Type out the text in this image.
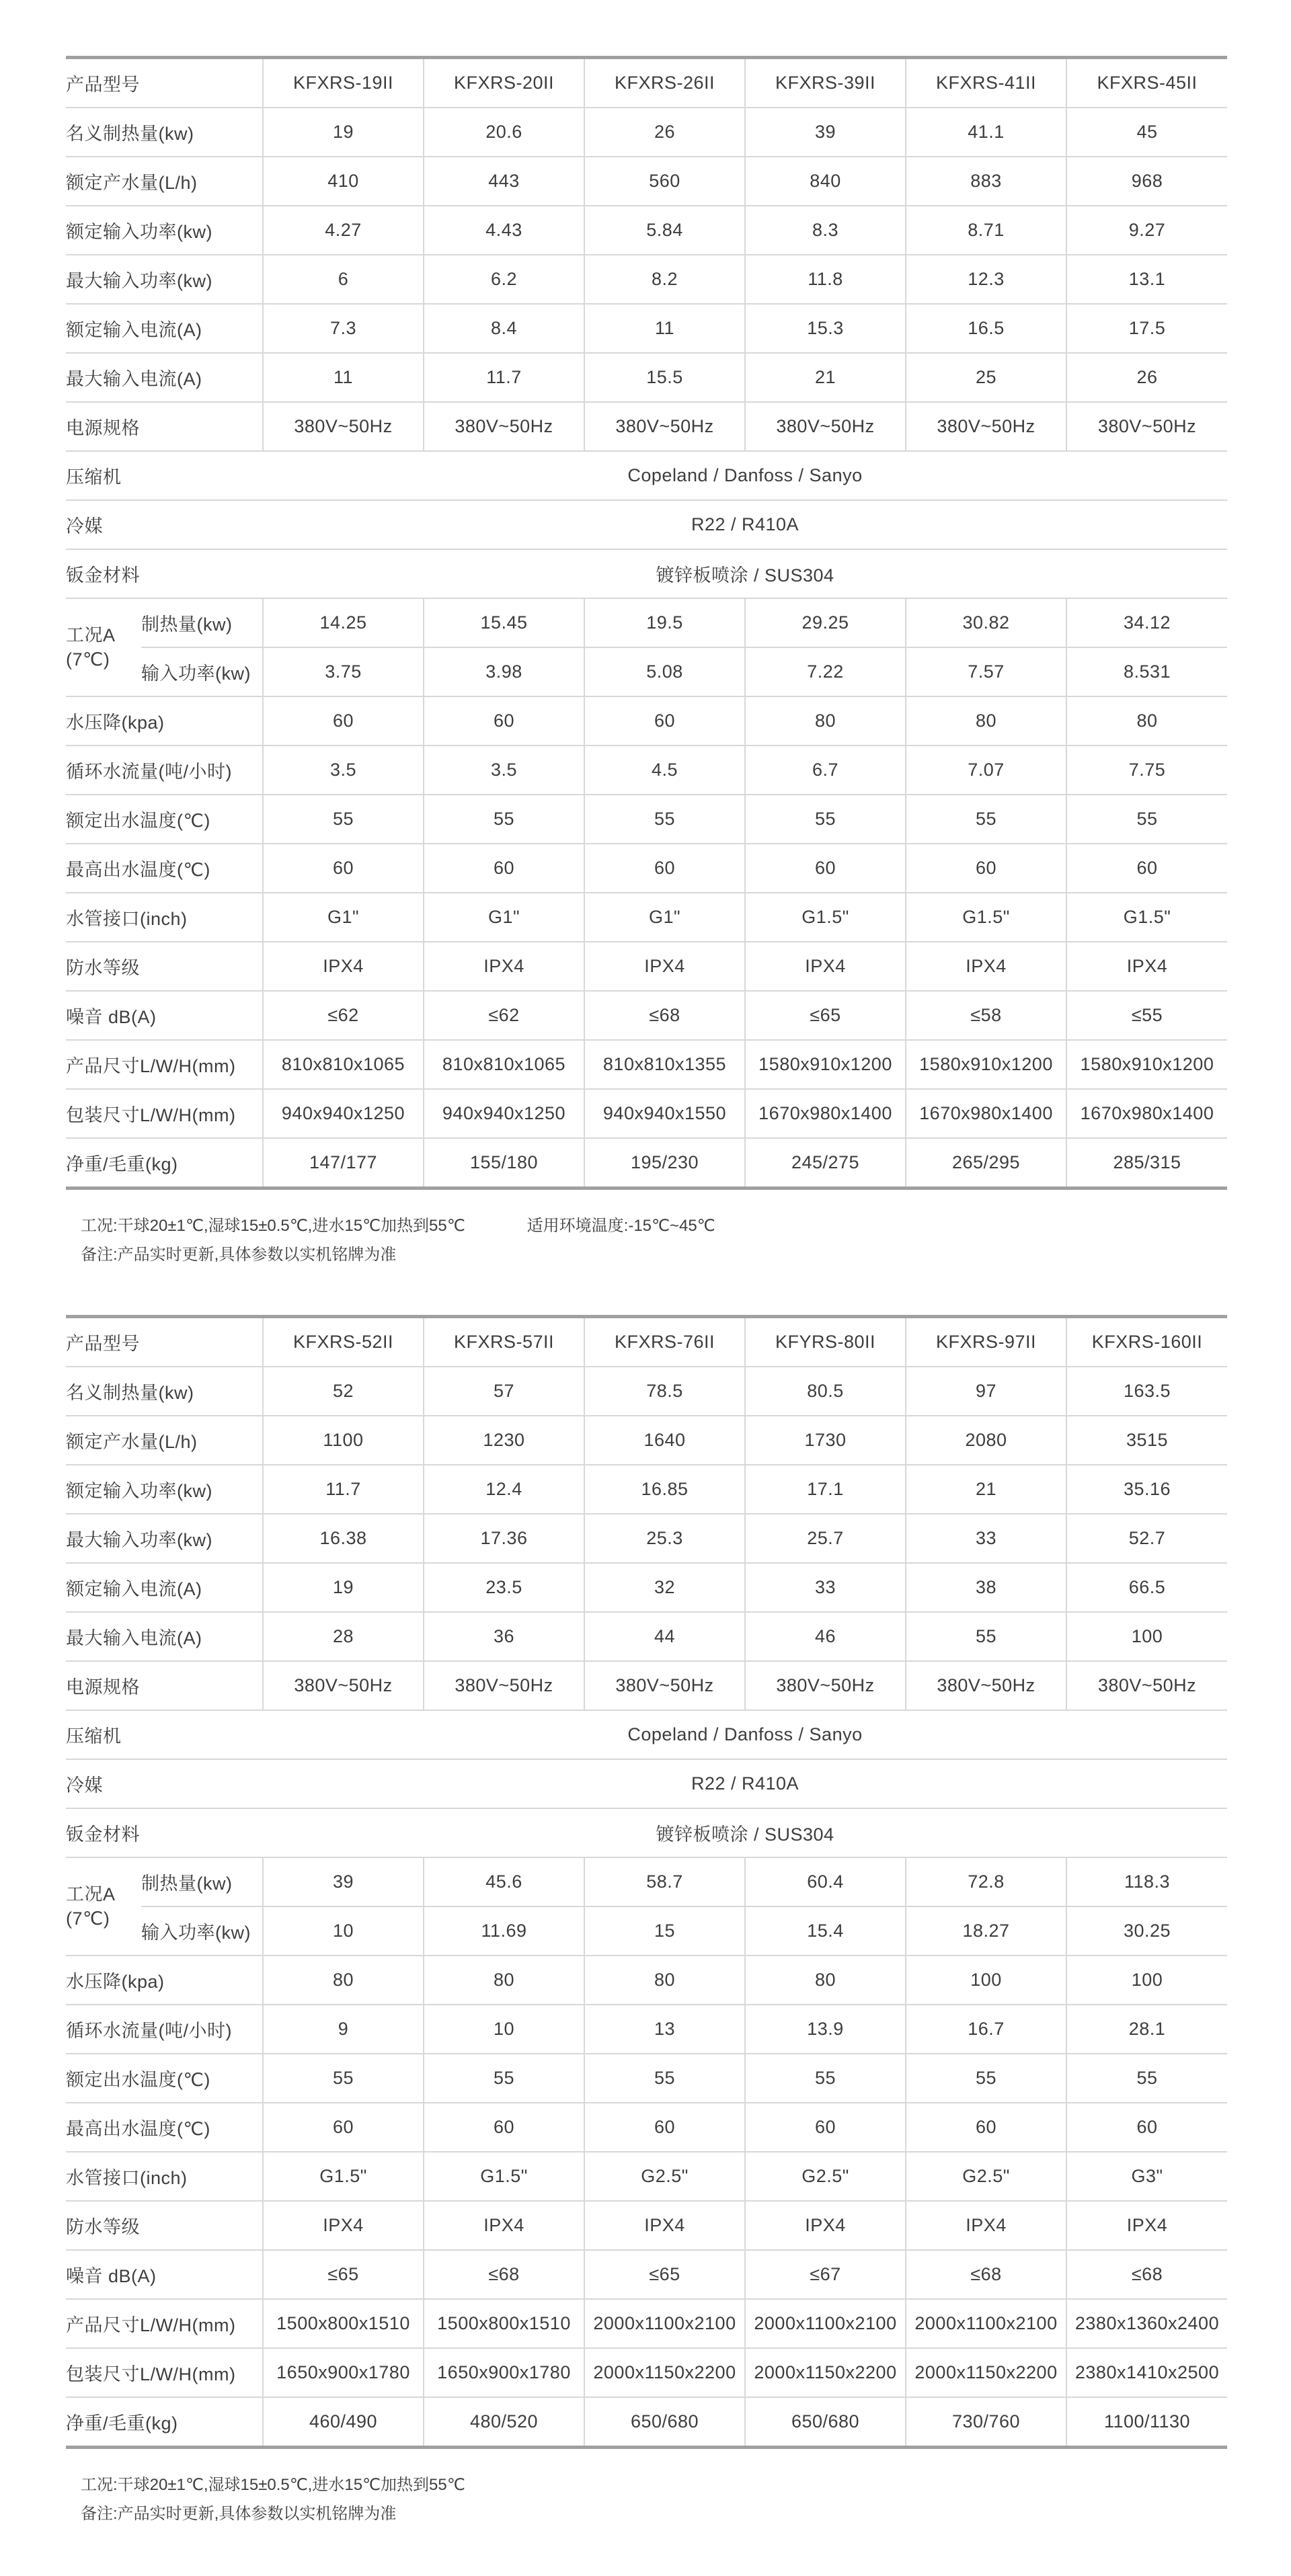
产品型号		KFXRS-19II	KFXRS-20II	KFXRS-26II	KFXRS-39II	KFXRS-41II	KFXRS-45II
名义制热量(kw)		19	20.6	26	39	41.1	45
额定产水量(L/h)		410	443	560	840	883	968
额定输入功率(kw)		4.27	4.43	5.84	8.3	8.71	9.27
最大输入功率(kw)		6	6.2	8.2	11.8	12.3	13.1
额定输入电流(A)		7.3	8.4	11	15.3	16.5	17.5
最大输入电流(A)		11	11.7	15.5	21	25	26
电源规格		380V~50Hz	380V~50Hz	380V~50Hz	380V~50Hz	380V~50Hz	380V~50Hz
压缩机		Copeland / Danfoss / Sanyo					
冷媒		R22 / R410A					
钣金材料		镀锌板喷涂 / SUS304					

工况A
(7℃)	制热量(kw)	14.25	15.45	19.5	29.25	30.82	34.12
	输入功率(kw)	3.75	3.98	5.08	7.22	7.57	8.531
水压降(kpa)		60	60	60	80	80	80
循环水流量(吨/小时)		3.5	3.5	4.5	6.7	7.07	7.75
额定出水温度(℃)		55	55	55	55	55	55
最高出水温度(℃)		60	60	60	60	60	60
水管接口(inch)		G1"	G1"	G1"	G1.5"	G1.5"	G1.5"
防水等级		IPX4	IPX4	IPX4	IPX4	IPX4	IPX4
噪音 dB(A)		≤62	≤62	≤68	≤65	≤58	≤55
产品尺寸L/W/H(mm)		810x810x1065	810x810x1065	810x810x1355	1580x910x1200	1580x910x1200	1580x910x1200
包装尺寸L/W/H(mm)		940x940x1250	940x940x1250	940x940x1550	1670x980x1400	1670x980x1400	1670x980x1400
净重/毛重(kg)		147/177	155/180	195/230	245/275	265/295	285/315
工况:干球20±1℃,湿球15±0.5℃,进水15℃加热到55℃	适用环境温度:-15℃~45℃
备注:产品实时更新,具体参数以实机铭牌为准
产品型号		KFXRS-52II	KFXRS-57II	KFXRS-76II	KFYRS-80II	KFXRS-97II	KFXRS-160II
名义制热量(kw)		52	57	78.5	80.5	97	163.5
额定产水量(L/h)		1100	1230	1640	1730	2080	3515
额定输入功率(kw)		11.7	12.4	16.85	17.1	21	35.16
最大输入功率(kw)		16.38	17.36	25.3	25.7	33	52.7
额定输入电流(A)		19	23.5	32	33	38	66.5
最大输入电流(A)		28	36	44	46	55	100
电源规格		380V~50Hz	380V~50Hz	380V~50Hz	380V~50Hz	380V~50Hz	380V~50Hz
压缩机		Copeland / Danfoss / Sanyo					
冷媒		R22 / R410A					
钣金材料		镀锌板喷涂 / SUS304					

工况A
(7℃)	制热量(kw)	39	45.6	58.7	60.4	72.8	118.3
	输入功率(kw)	10	11.69	15	15.4	18.27	30.25
水压降(kpa)		80	80	80	80	100	100
循环水流量(吨/小时)		9	10	13	13.9	16.7	28.1
额定出水温度(℃)		55	55	55	55	55	55
最高出水温度(℃)		60	60	60	60	60	60
水管接口(inch)		G1.5"	G1.5"	G2.5"	G2.5"	G2.5"	G3"
防水等级		IPX4	IPX4	IPX4	IPX4	IPX4	IPX4
噪音 dB(A)		≤65	≤68	≤65	≤67	≤68	≤68
产品尺寸L/W/H(mm)		1500x800x1510	1500x800x1510	2000x1100x2100	2000x1100x2100	2000x1100x2100	2380x1360x2400
包装尺寸L/W/H(mm)		1650x900x1780	1650x900x1780	2000x1150x2200	2000x1150x2200	2000x1150x2200	2380x1410x2500
净重/毛重(kg)		460/490	480/520	650/680	650/680	730/760	1100/1130
工况:干球20±1℃,湿球15±0.5℃,进水15℃加热到55℃
备注:产品实时更新,具体参数以实机铭牌为准
